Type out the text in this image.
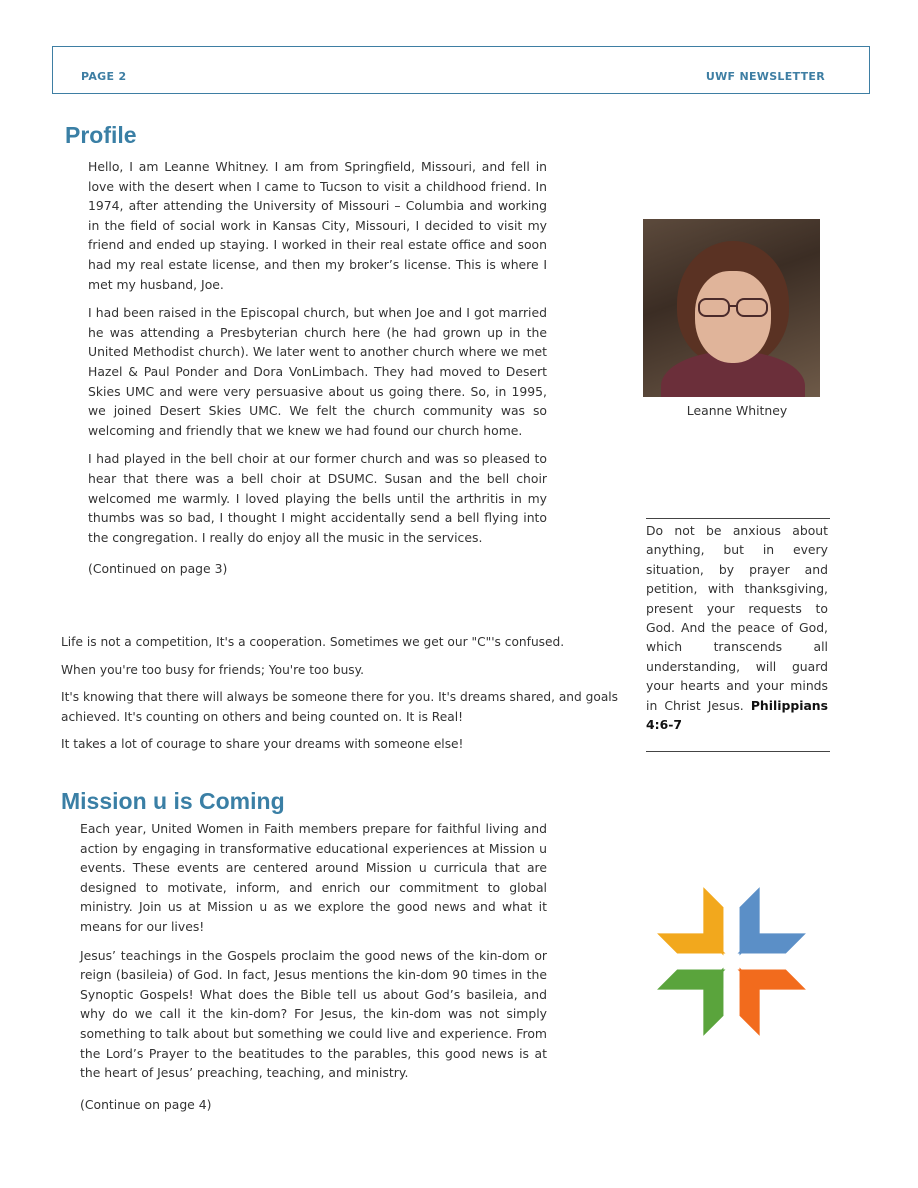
PAGE 2	UWF NEWSLETTER
Profile

Hello, I am Leanne Whitney. I am from Springfield, Missouri, and fell in love with the desert when I came to Tucson to visit a childhood friend. In 1974, after attending the University of Missouri – Columbia and working in the field of social work in Kansas City, Missouri, I decided to visit my friend and ended up staying. I worked in their real estate office and soon had my real estate license, and then my broker’s license. This is where I met my husband, Joe.

I had been raised in the Episcopal church, but when Joe and I got married he was attending a Presbyterian church here (he had grown up in the United Methodist church). We later went to another church where we met Hazel & Paul Ponder and Dora VonLimbach. They had moved to Desert Skies UMC and were very persuasive about us going there. So, in 1995, we joined Desert Skies UMC. We felt the church community was so welcoming and friendly that we knew we had found our church home.

I had played in the bell choir at our former church and was so pleased to hear that there was a bell choir at DSUMC. Susan and the bell choir welcomed me warmly. I loved playing the bells until the arthritis in my thumbs was so bad, I thought I might accidentally send a bell flying into the congregation. I really do enjoy all the music in the services.

(Continued on page 3)

Leanne Whitney

Life is not a competition, It's a cooperation. Sometimes we get our "C"'s confused.

When you're too busy for friends; You're too busy.

It's knowing that there will always be someone there for you. It's dreams shared, and goals achieved. It's counting on others and being counted on. It is Real!

It takes a lot of courage to share your dreams with someone else!

Do not be anxious about anything, but in every situation, by prayer and petition, with thanksgiving, present your requests to God. And the peace of God, which transcends all understanding, will guard your hearts and your minds in Christ Jesus. Philippians 4:6-7
Mission u is Coming

Each year, United Women in Faith members prepare for faithful living and action by engaging in transformative educational experiences at Mission u events. These events are centered around Mission u curricula that are designed to motivate, inform, and enrich our commitment to global ministry. Join us at Mission u as we explore the good news and what it means for our lives!

Jesus’ teachings in the Gospels proclaim the good news of the kin-dom or reign (basileia) of God. In fact, Jesus mentions the kin-dom 90 times in the Synoptic Gospels! What does the Bible tell us about God’s basileia, and why do we call it the kin-dom? For Jesus, the kin-dom was not simply something to talk about but something we could live and experience. From the Lord’s Prayer to the beatitudes to the parables, this good news is at the heart of Jesus’ preaching, teaching, and ministry.

(Continue on page 4)
